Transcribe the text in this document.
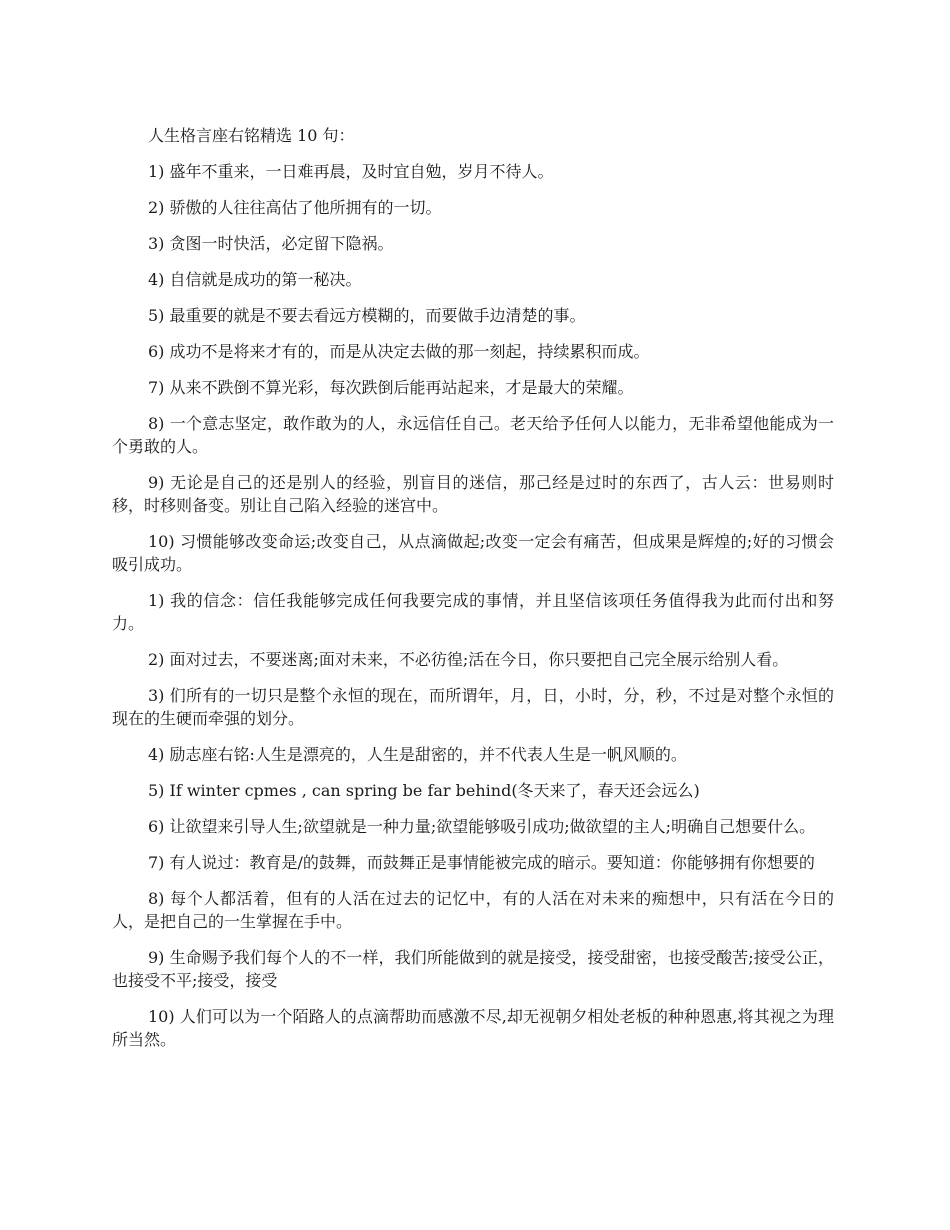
人生格言座右铭精选 10 句：

1) 盛年不重来，一日难再晨，及时宜自勉，岁月不待人。

2) 骄傲的人往往高估了他所拥有的一切。

3) 贪图一时快活，必定留下隐祸。

4) 自信就是成功的第一秘决。

5) 最重要的就是不要去看远方模糊的，而要做手边清楚的事。

6) 成功不是将来才有的，而是从决定去做的那一刻起，持续累积而成。

7) 从来不跌倒不算光彩，每次跌倒后能再站起来，才是最大的荣耀。

8) 一个意志坚定，敢作敢为的人，永远信任自己。老天给予任何人以能力，无非希望他能成为一个勇敢的人。

9) 无论是自己的还是别人的经验，别盲目的迷信，那己经是过时的东西了，古人云：世易则时移，时移则备变。别让自己陷入经验的迷宫中。

10) 习惯能够改变命运;改变自己，从点滴做起;改变一定会有痛苦，但成果是辉煌的;好的习惯会吸引成功。

1) 我的信念：信任我能够完成任何我要完成的事情，并且坚信该项任务值得我为此而付出和努力。

2) 面对过去，不要迷离;面对未来，不必彷徨;活在今日，你只要把自己完全展示给别人看。

3) 们所有的一切只是整个永恒的现在，而所谓年，月，日，小时，分，秒，不过是对整个永恒的现在的生硬而牵强的划分。

4) 励志座右铭:人生是漂亮的，人生是甜密的，并不代表人生是一帆风顺的。

5) If winter cpmes , can spring be far behind(冬天来了，春天还会远么)

6) 让欲望来引导人生;欲望就是一种力量;欲望能够吸引成功;做欲望的主人;明确自己想要什么。

7) 有人说过：教育是/的鼓舞，而鼓舞正是事情能被完成的暗示。要知道：你能够拥有你想要的

8) 每个人都活着，但有的人活在过去的记忆中，有的人活在对未来的痴想中，只有活在今日的人，是把自己的一生掌握在手中。

9) 生命赐予我们每个人的不一样，我们所能做到的就是接受，接受甜密，也接受酸苦;接受公正，也接受不平;接受，接受

10) 人们可以为一个陌路人的点滴帮助而感激不尽,却无视朝夕相处老板的种种恩惠,将其视之为理所当然。
